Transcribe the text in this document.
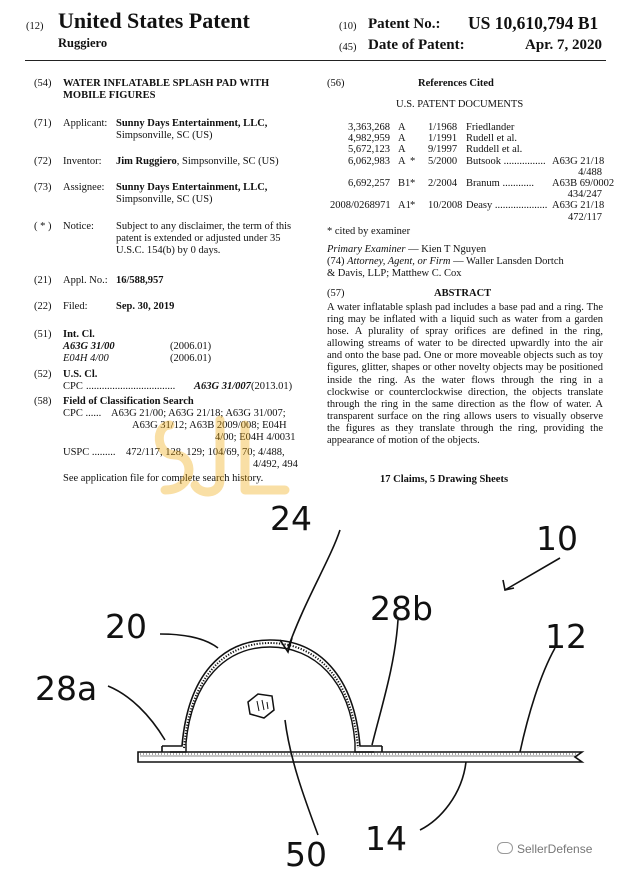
(12) United States Patent
Ruggiero
(10) Patent No.: US 10,610,794 B1
(45) Date of Patent:	Apr. 7, 2020
(54) WATER INFLATABLE SPLASH PAD WITH
MOBILE FIGURES
(71) Applicant: Sunny Days Entertainment, LLC,
Simpsonville, SC (US)
(72) Inventor: Jim Ruggiero, Simpsonville, SC (US)
(73) Assignee: Sunny Days Entertainment, LLC,
Simpsonville, SC (US)
( * ) Notice: Subject to any disclaimer, the term of this
patent is extended or adjusted under 35
U.S.C. 154(b) by 0 days.
(21) Appl. No.: 16/588,957
(22) Filed:	Sep. 30, 2019
(51) Int. Cl.
A63G 31/00	(2006.01)
E04H 4/00	(2006.01)
(52) U.S. Cl.
CPC .................................. A63G 31/007 (2013.01)
(58) Field of Classification Search
CPC ...... A63G 21/00; A63G 21/18; A63G 31/007;
A63G 31/12; A63B 2009/008; E04H
4/00; E04H 4/0031
USPC ......... 472/117, 128, 129; 104/69, 70; 4/488,
4/492, 494
See application file for complete search history.
(56)	References Cited
U.S. PATENT DOCUMENTS
3,363,268 A 1/1968 Friedlander
4,982,959 A 1/1991 Rudell et al.
5,672,123 A 9/1997 Ruddell et al.
6,062,983 A * 5/2000 Butsook ................ A63G 21/18
4/488
6,692,257 B1 * 2/2004 Branum ............ A63B 69/0002
434/247
2008/0268971 A1 * 10/2008 Deasy .................... A63G 21/18
472/117
* cited by examiner
Primary Examiner — Kien T Nguyen
(74) Attorney, Agent, or Firm — Waller Lansden Dortch
& Davis, LLP; Matthew C. Cox
(57)	ABSTRACT
A water inflatable splash pad includes a base pad and a ring. The ring may be inflated with a liquid such as water from a garden hose. A plurality of spray orifices are defined in the ring, allowing streams of water to be directed upwardly into the air and onto the base pad. One or more moveable objects such as toy figures, glitter, shapes or other novelty objects may be positioned inside the ring. As the water flows through the ring in a clockwise or counterclockwise direction, the objects translate through the ring in the same direction as the flow of water. A transparent surface on the ring allows users to visually observe the figures as they translate through the ring, providing the appearance of motion of the objects.
17 Claims, 5 Drawing Sheets
24
10
20	28b
12
28a
14
50	SellerDefense
